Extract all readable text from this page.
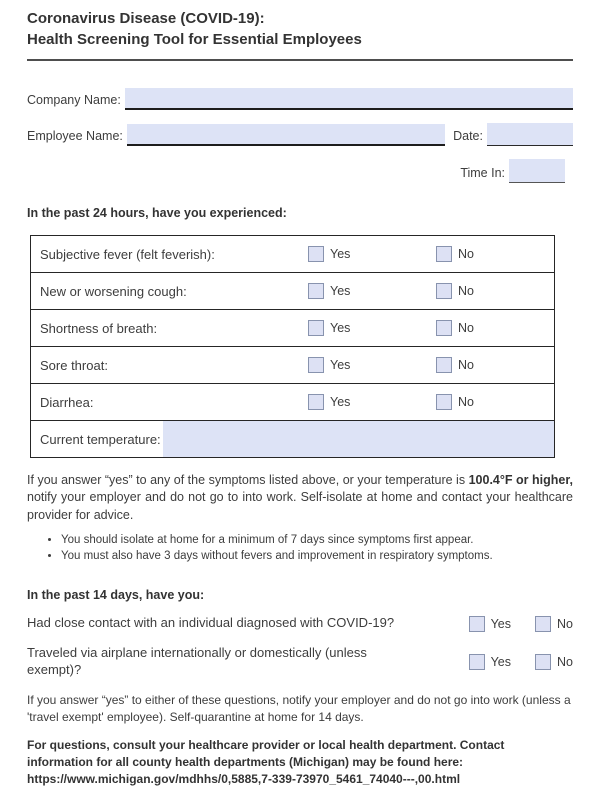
Coronavirus Disease (COVID-19):
Health Screening Tool for Essential Employees
Company Name:
Employee Name:	Date:
Time In:
In the past 24 hours, have you experienced:
Subjective fever (felt feverish):	Yes	No
New or worsening cough:	Yes	No
Shortness of breath:	Yes	No
Sore throat:	Yes	No
Diarrhea:	Yes	No
Current temperature:

If you answer “yes” to any of the symptoms listed above, or your temperature is 100.4°F or higher, notify your employer and do not go to into work. Self-isolate at home and contact your healthcare provider for advice.

• You should isolate at home for a minimum of 7 days since symptoms first appear.
• You must also have 3 days without fevers and improvement in respiratory symptoms.
In the past 14 days, have you:
Had close contact with an individual diagnosed with COVID-19?	Yes	No
Traveled via airplane internationally or domestically (unless exempt)?	Yes	No

If you answer “yes” to either of these questions, notify your employer and do not go into work (unless a 'travel exempt' employee). Self-quarantine at home for 14 days.

For questions, consult your healthcare provider or local health department. Contact information for all county health departments (Michigan) may be found here: https://www.michigan.gov/mdhhs/0,5885,7-339-73970_5461_74040---,00.html
